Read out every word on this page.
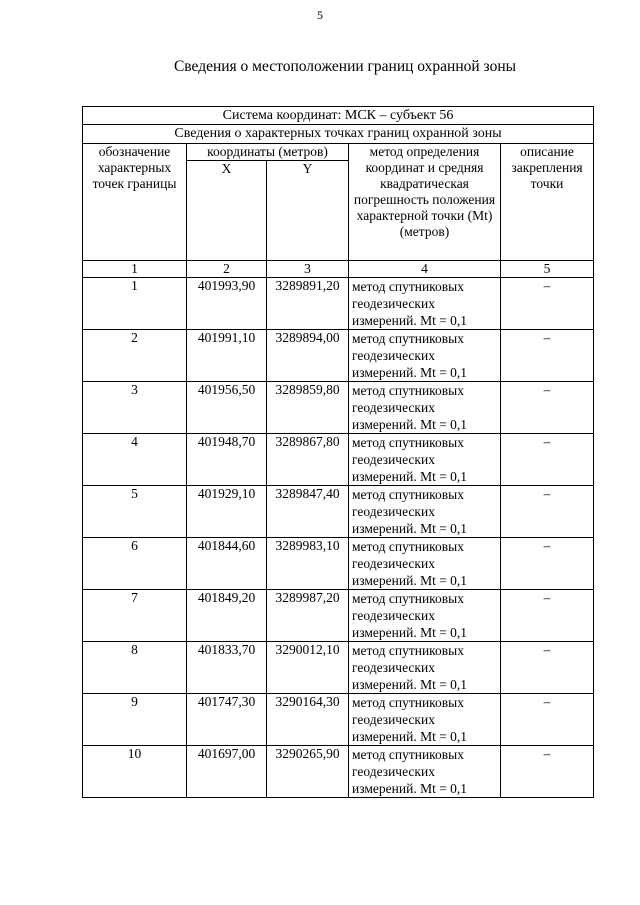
5
Сведения о местоположении границ охранной зоны
Система координат: МСК – субъект 56				
Сведения о характерных точках границ охранной зоны				
обозначение характерных точек границы	координаты (метров)		метод определения координат и средняя квадратическая погрешность положения характерной точки (Mt) (метров)	описание закрепления точки
	X	Y		
1	2	3	4	5
1	401993,90	3289891,20	метод спутниковых
геодезических
измерений. Mt = 0,1	–
2	401991,10	3289894,00	метод спутниковых
геодезических
измерений. Mt = 0,1	–
3	401956,50	3289859,80	метод спутниковых
геодезических
измерений. Mt = 0,1	–
4	401948,70	3289867,80	метод спутниковых
геодезических
измерений. Mt = 0,1	–
5	401929,10	3289847,40	метод спутниковых
геодезических
измерений. Mt = 0,1	–
6	401844,60	3289983,10	метод спутниковых
геодезических
измерений. Mt = 0,1	–
7	401849,20	3289987,20	метод спутниковых
геодезических
измерений. Mt = 0,1	–
8	401833,70	3290012,10	метод спутниковых
геодезических
измерений. Mt = 0,1	–
9	401747,30	3290164,30	метод спутниковых
геодезических
измерений. Mt = 0,1	–
10	401697,00	3290265,90	метод спутниковых
геодезических
измерений. Mt = 0,1	–
